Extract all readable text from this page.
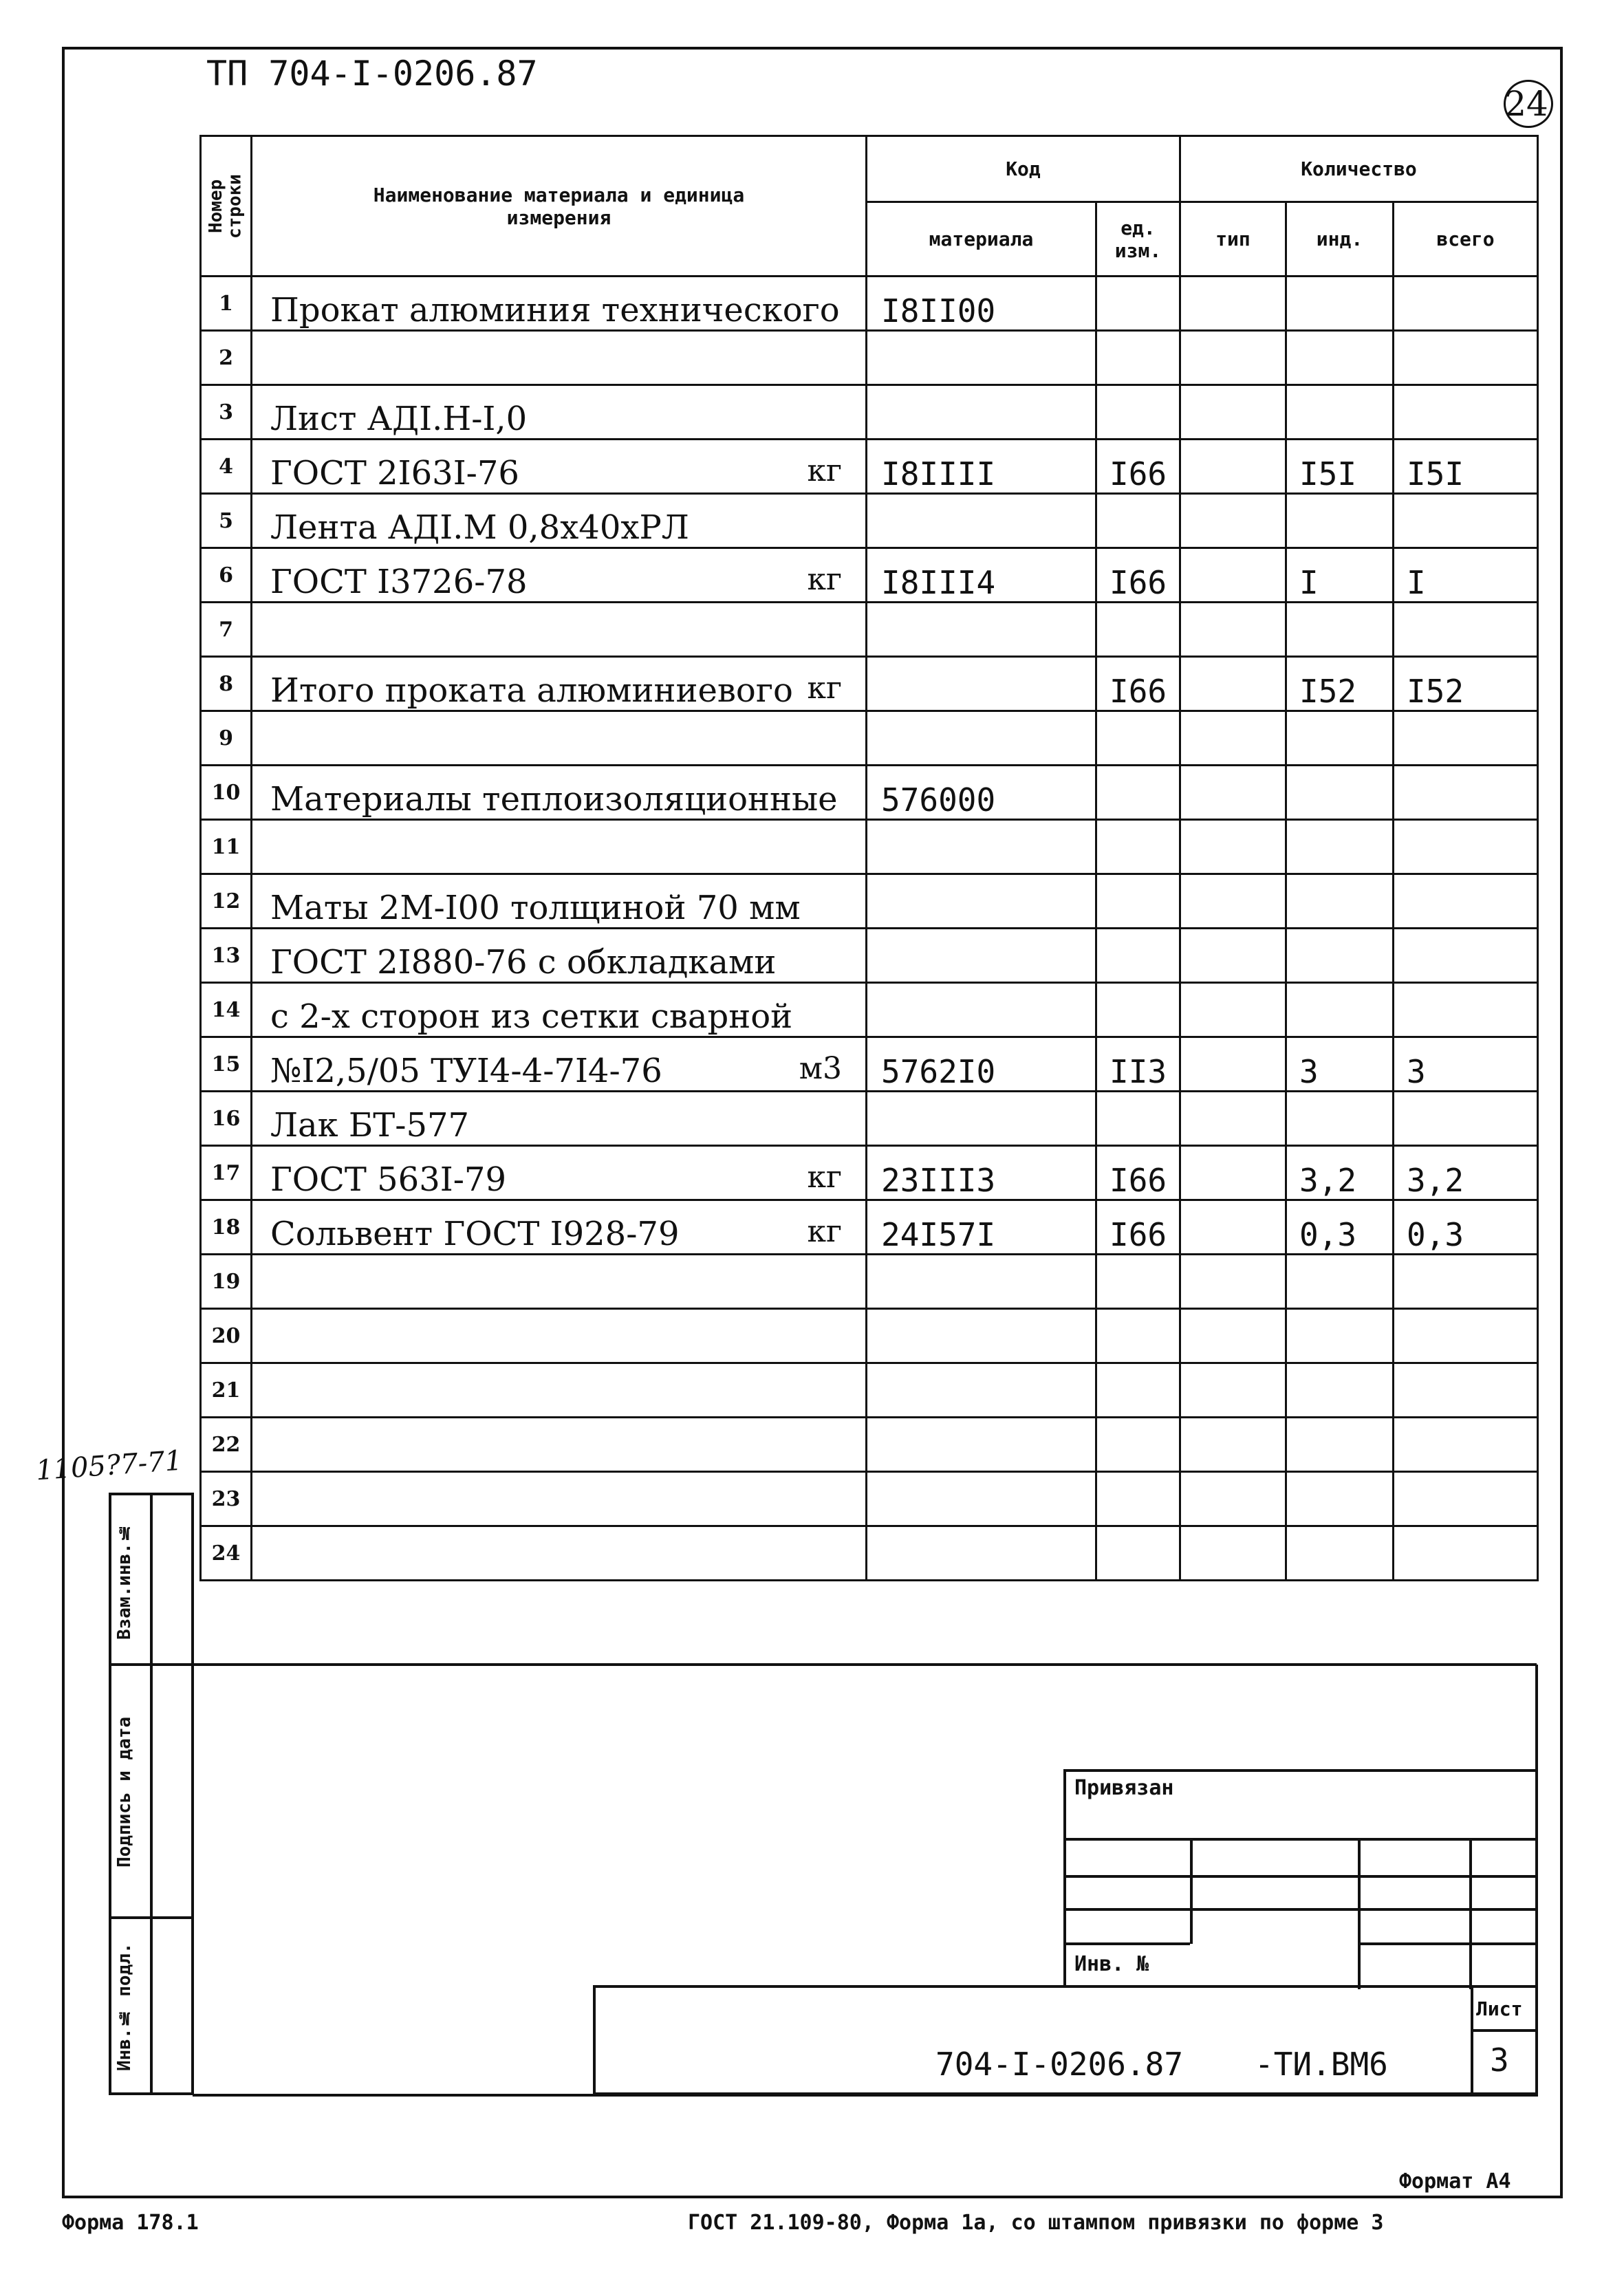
ТП 704-I-0206.87
24
Номер строки	Наименование материала и единица измерения	Код		Количество		
		материала	ед. изм.	тип	инд.	всего
1	Прокат алюминия технического	I8II00				
2	

3	Лист АДI.Н-I,0

4	ГОСТ 2I63I-76 кг	I8IIII	I66		I5I	I5I
5	Лента АДI.М 0,8х40хРЛ

6	ГОСТ I3726-78 кг	I8III4	I66		I	I
7	

8	Итого проката алюминиевого кг		I66		I52	I52
9	

10	Материалы теплоизоляционные	576000				
11	

12	Маты 2М-I00 толщиной 70 мм

13	ГОСТ 2I880-76 с обкладками

14	с 2-х сторон из сетки сварной

15	№I2,5/05 ТУI4-4-7I4-76 м3	5762I0	II3		3	3
16	Лак БТ-577

17	ГОСТ 563I-79 кг	23III3	I66		3,2	3,2
18	Сольвент ГОСТ I928-79 кг	24I57I	I66		0,3	0,3
19	

20	

21	

22	

23	

24	

1105?7-71
Взам.инв.№
Подпись и дата
Инв.№ подл.
Привязан
Инв. №
Лист
3
704-I-0206.87 -ТИ.ВМ6
Формат А4
Форма 178.1	ГОСТ 21.109-80, Форма 1а, со штампом привязки по форме 3
